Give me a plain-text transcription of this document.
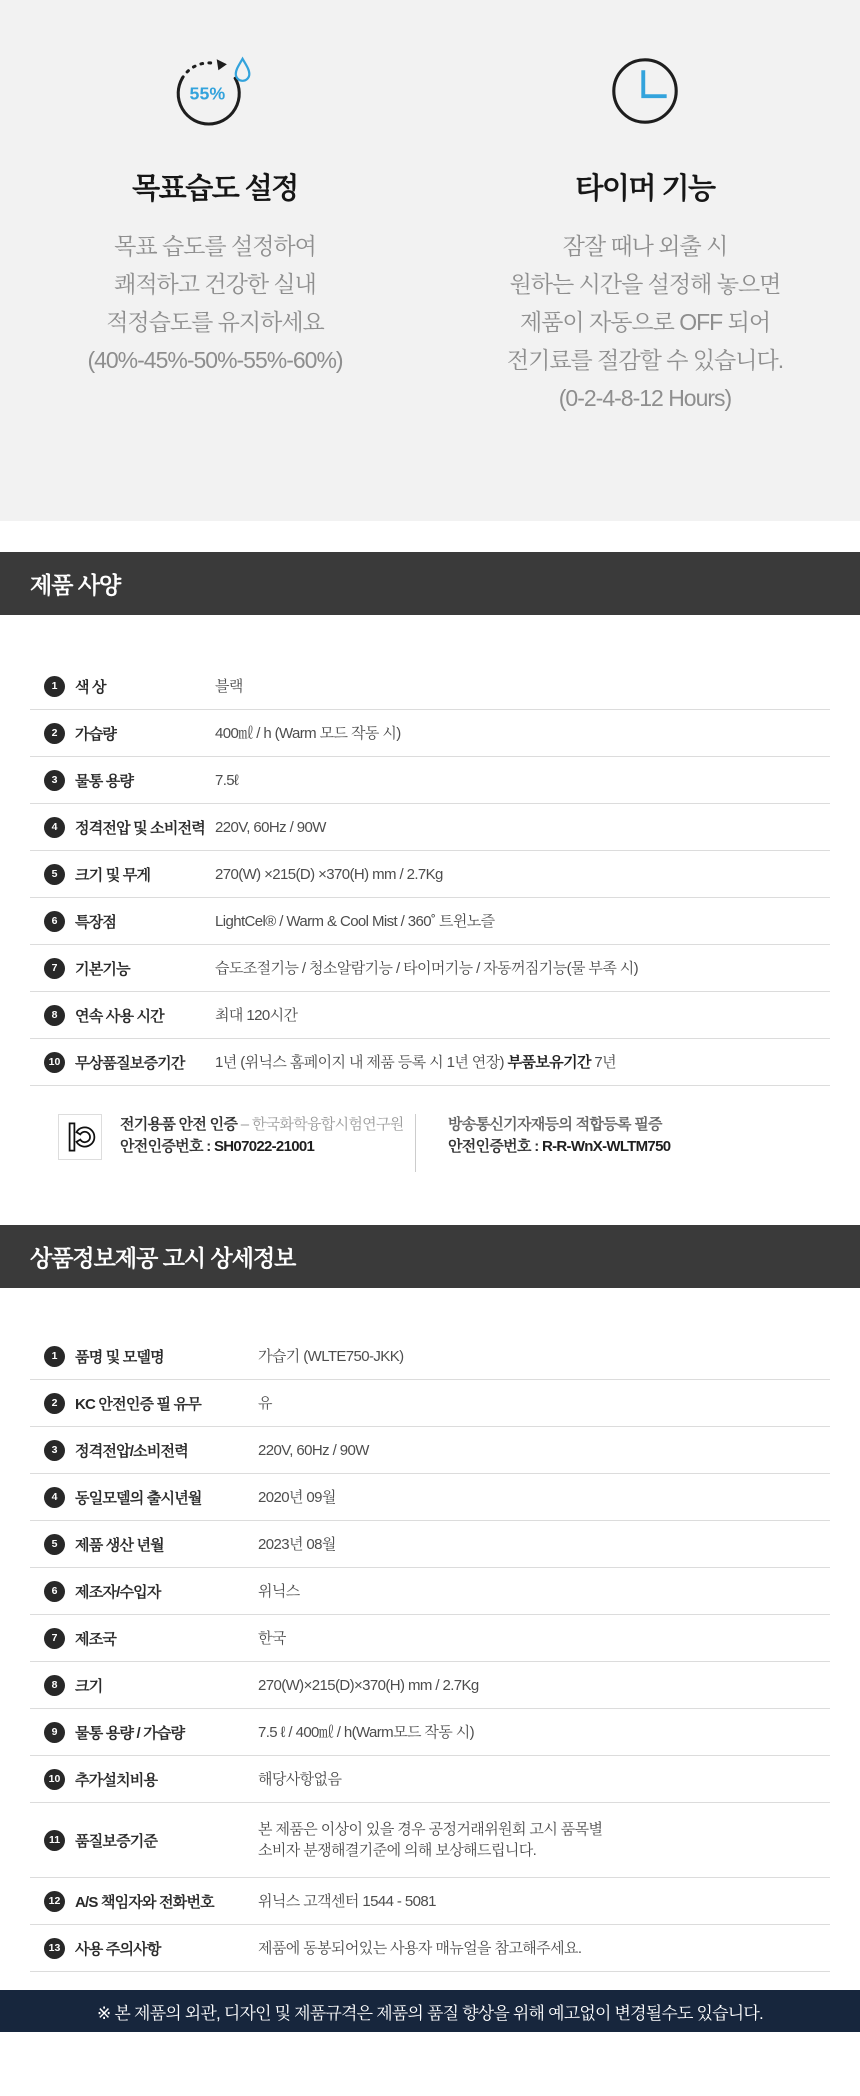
55%
목표습도 설정
목표 습도를 설정하여
쾌적하고 건강한 실내
적정습도를 유지하세요
(40%-45%-50%-55%-60%)
타이머 기능
잠잘 때나 외출 시
원하는 시간을 설정해 놓으면
제품이 자동으로 OFF 되어
전기료를 절감할 수 있습니다.
(0-2-4-8-12 Hours)
제품 사양
1	색 상	블랙
2	가습량	400㎖ / h (Warm 모드 작동 시)
3	물통 용량	7.5ℓ
4	정격전압 및 소비전력 220V, 60Hz / 90W
5	크기 및 무게	270(W) ×215(D) ×370(H) mm / 2.7Kg
6	특장점	LightCel® / Warm & Cool Mist / 360˚ 트윈노즐
7	기본기능	습도조절기능 / 청소알람기능 / 타이머기능 / 자동꺼짐기능(물 부족 시)
8	연속 사용 시간	최대 120시간
10 무상품질보증기간	1년 (위닉스 홈페이지 내 제품 등록 시 1년 연장) 부품보유기간 7년
전기용품 안전 인증 – 한국화학융합시험연구원
안전인증번호 : SH07022-21001
방송통신기자재등의 적합등록 필증
안전인증번호 : R-R-WnX-WLTM750
상품정보제공 고시 상세정보
1	품명 및 모델명	가습기 (WLTE750-JKK)
2	KC 안전인증 필 유무	유
3	정격전압/소비전력	220V, 60Hz / 90W
4	동일모델의 출시년월	2020년 09월
5	제품 생산 년월	2023년 08월
6	제조자/수입자	위닉스
7	제조국	한국
8	크기	270(W)×215(D)×370(H) mm / 2.7Kg
9	물통 용량 / 가습량	7.5 ℓ / 400㎖ / h(Warm모드 작동 시)
10 추가설치비용	해당사항없음
11 품질보증기준
본 제품은 이상이 있을 경우 공정거래위원회 고시 품목별
소비자 분쟁해결기준에 의해 보상해드립니다.
12 A/S 책임자와 전화번호	위닉스 고객센터 1544 - 5081
13 사용 주의사항	제품에 동봉되어있는 사용자 매뉴얼을 참고해주세요.
※ 본 제품의 외관, 디자인 및 제품규격은 제품의 품질 향상을 위해 예고없이 변경될수도 있습니다.
